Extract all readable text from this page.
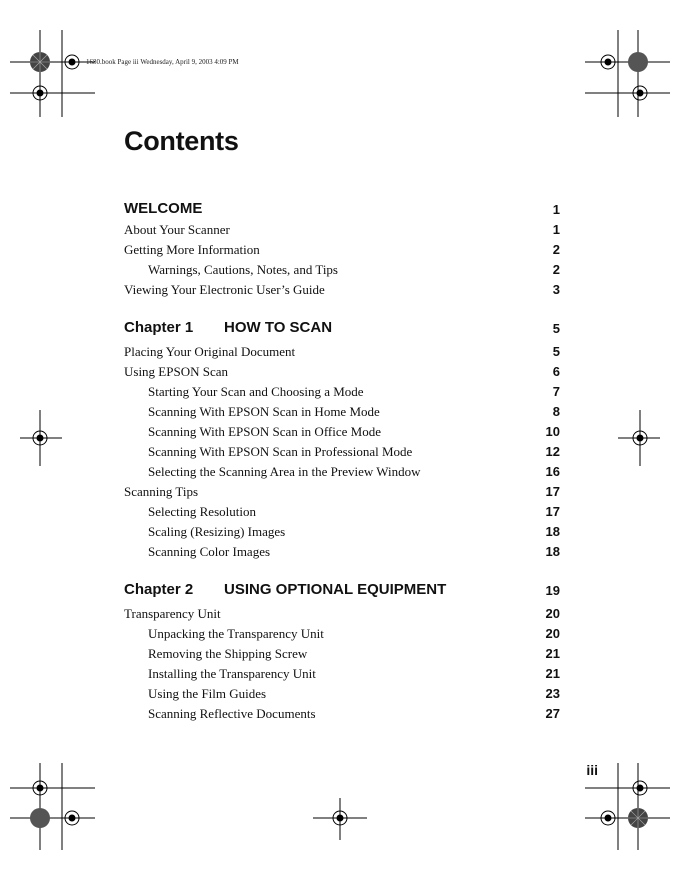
1680.book Page iii Wednesday, April 9, 2003 4:09 PM
Contents
WELCOME	1
About Your Scanner	1
Getting More Information	2
Warnings, Cautions, Notes, and Tips	2
Viewing Your Electronic User’s Guide	3
Chapter 1 HOW TO SCAN	5
Placing Your Original Document	5
Using EPSON Scan	6
Starting Your Scan and Choosing a Mode	7
Scanning With EPSON Scan in Home Mode	8
Scanning With EPSON Scan in Office Mode	10
Scanning With EPSON Scan in Professional Mode	12
Selecting the Scanning Area in the Preview Window	16
Scanning Tips	17
Selecting Resolution	17
Scaling (Resizing) Images	18
Scanning Color Images	18
Chapter 2 USING OPTIONAL EQUIPMENT	19
Transparency Unit	20
Unpacking the Transparency Unit	20
Removing the Shipping Screw	21
Installing the Transparency Unit	21
Using the Film Guides	23
Scanning Reflective Documents	27
iii
